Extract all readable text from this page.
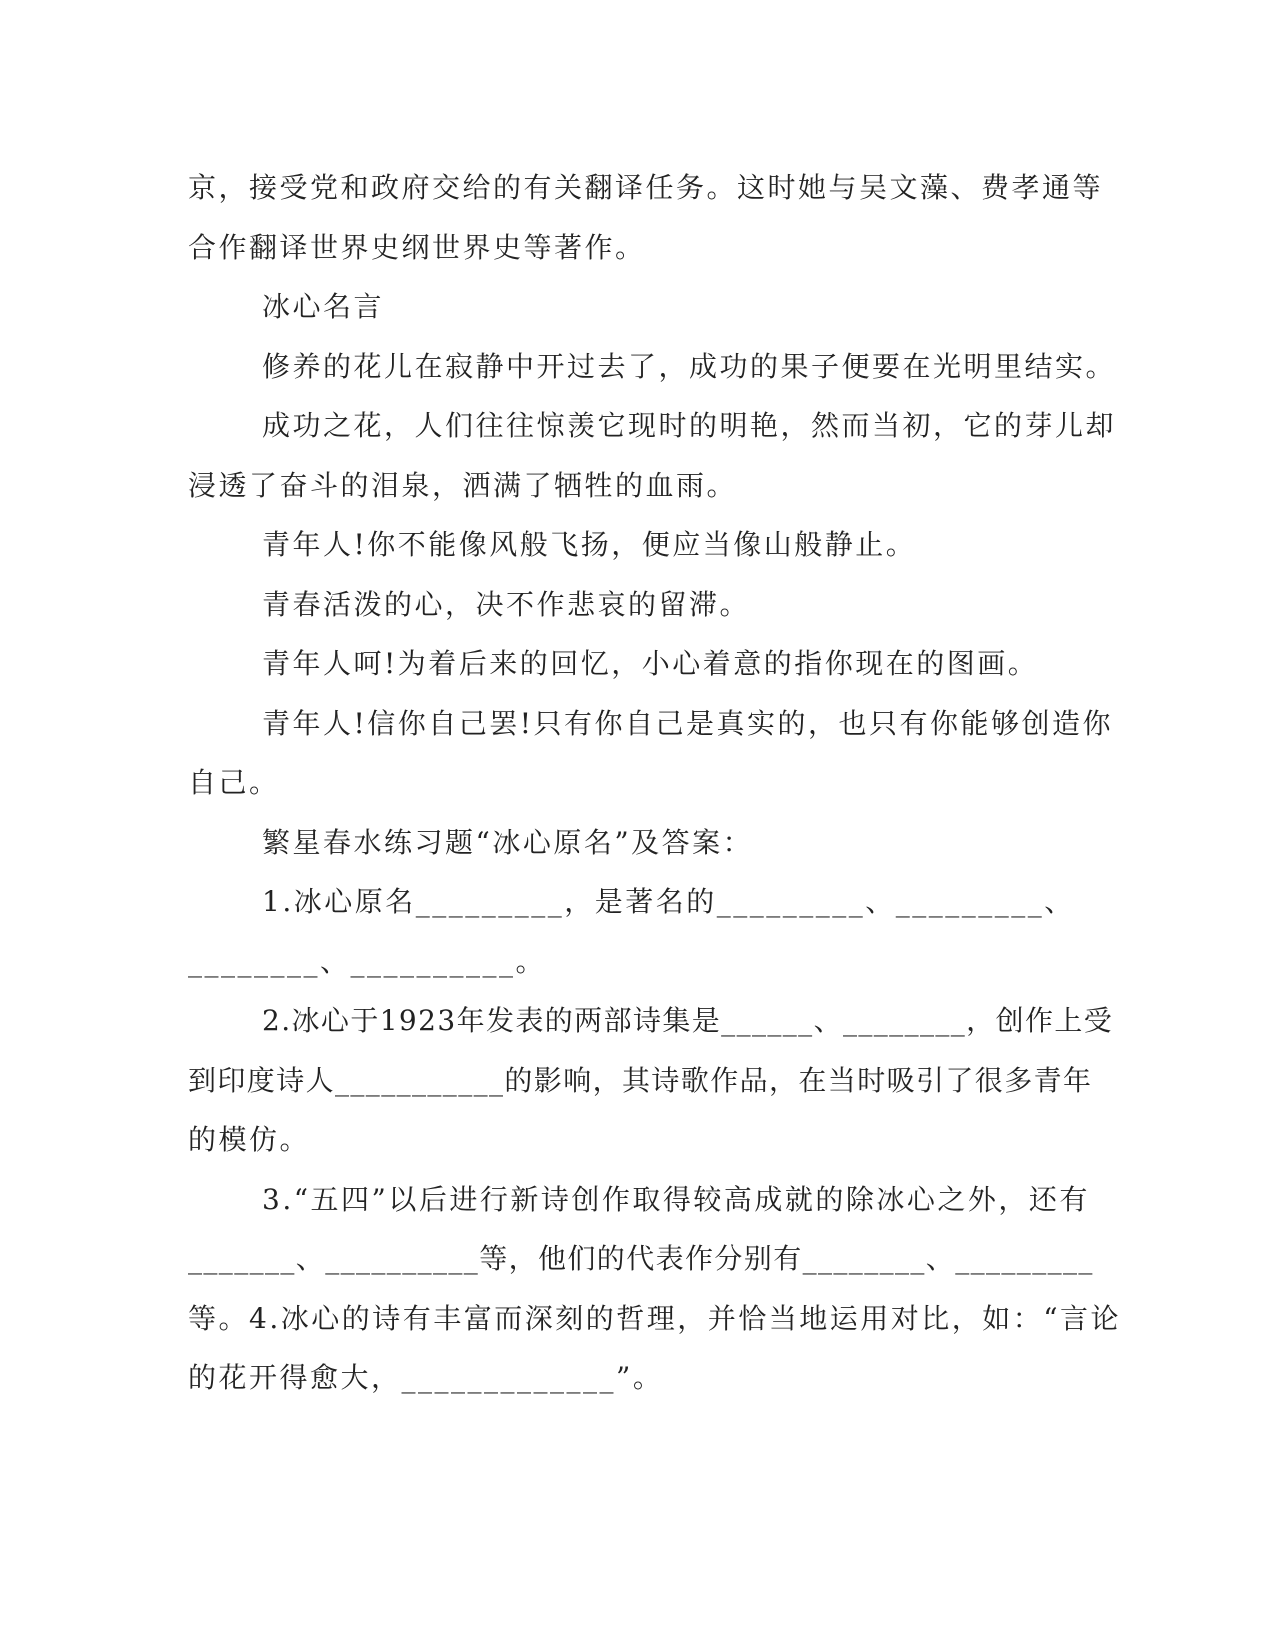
京，接受党和政府交给的有关翻译任务。这时她与吴文藻、费孝通等

合作翻译世界史纲世界史等著作。

冰心名言

修养的花儿在寂静中开过去了，成功的果子便要在光明里结实。

成功之花，人们往往惊羡它现时的明艳，然而当初，它的芽儿却

浸透了奋斗的泪泉，洒满了牺牲的血雨。

青年人!你不能像风般飞扬，便应当像山般静止。

青春活泼的心，决不作悲哀的留滞。

青年人呵!为着后来的回忆，小心着意的指你现在的图画。

青年人!信你自己罢!只有你自己是真实的，也只有你能够创造你

自己。

繁星春水练习题“冰心原名”及答案：

1.冰心原名_________，是著名的_________、_________、

________、__________。

2.冰心于1923年发表的两部诗集是______、________，创作上受

到印度诗人___________的影响，其诗歌作品，在当时吸引了很多青年

的模仿。

3.“五四”以后进行新诗创作取得较高成就的除冰心之外，还有

_______、__________等，他们的代表作分别有________、_________

等。4.冰心的诗有丰富而深刻的哲理，并恰当地运用对比，如：“言论

的花开得愈大，_____________”。
